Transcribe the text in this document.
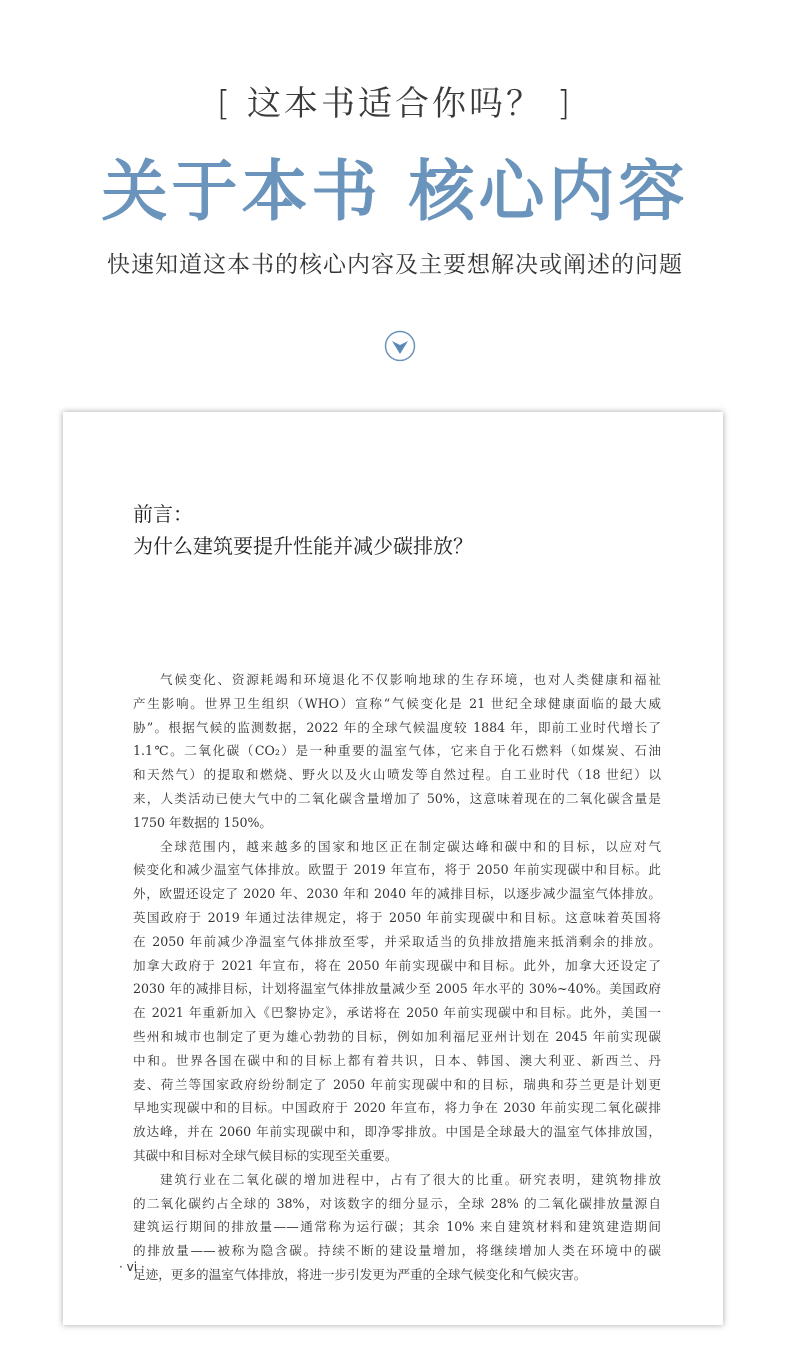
[ 这本书适合你吗？ ]
关于本书 核心内容
快速知道这本书的核心内容及主要想解决或阐述的问题
前言：
为什么建筑要提升性能并减少碳排放？
气候变化、资源耗竭和环境退化不仅影响地球的生存环境，也对人类健康和福祉
产生影响。世界卫生组织（WHO）宣称“气候变化是 21 世纪全球健康面临的最大威
胁”。根据气候的监测数据，2022 年的全球气候温度较 1884 年，即前工业时代增长了
1.1℃。二氧化碳（CO₂）是一种重要的温室气体，它来自于化石燃料（如煤炭、石油
和天然气）的提取和燃烧、野火以及火山喷发等自然过程。自工业时代（18 世纪）以
来，人类活动已使大气中的二氧化碳含量增加了 50%，这意味着现在的二氧化碳含量是
1750 年数据的 150%。
全球范围内，越来越多的国家和地区正在制定碳达峰和碳中和的目标，以应对气
候变化和减少温室气体排放。欧盟于 2019 年宣布，将于 2050 年前实现碳中和目标。此
外，欧盟还设定了 2020 年、2030 年和 2040 年的减排目标，以逐步减少温室气体排放。
英国政府于 2019 年通过法律规定，将于 2050 年前实现碳中和目标。这意味着英国将
在 2050 年前减少净温室气体排放至零，并采取适当的负排放措施来抵消剩余的排放。
加拿大政府于 2021 年宣布，将在 2050 年前实现碳中和目标。此外，加拿大还设定了
2030 年的减排目标，计划将温室气体排放量减少至 2005 年水平的 30%~40%。美国政府
在 2021 年重新加入《巴黎协定》，承诺将在 2050 年前实现碳中和目标。此外，美国一
些州和城市也制定了更为雄心勃勃的目标，例如加利福尼亚州计划在 2045 年前实现碳
中和。世界各国在碳中和的目标上都有着共识，日本、韩国、澳大利亚、新西兰、丹
麦、荷兰等国家政府纷纷制定了 2050 年前实现碳中和的目标，瑞典和芬兰更是计划更
早地实现碳中和的目标。中国政府于 2020 年宣布，将力争在 2030 年前实现二氧化碳排
放达峰，并在 2060 年前实现碳中和，即净零排放。中国是全球最大的温室气体排放国，
其碳中和目标对全球气候目标的实现至关重要。
建筑行业在二氧化碳的增加进程中，占有了很大的比重。研究表明，建筑物排放
的二氧化碳约占全球的 38%，对该数字的细分显示，全球 28% 的二氧化碳排放量源自
建筑运行期间的排放量——通常称为运行碳；其余 10% 来自建筑材料和建筑建造期间
的排放量——被称为隐含碳。持续不断的建设量增加，将继续增加人类在环境中的碳
足迹，更多的温室气体排放，将进一步引发更为严重的全球气候变化和气候灾害。
· vi ·
